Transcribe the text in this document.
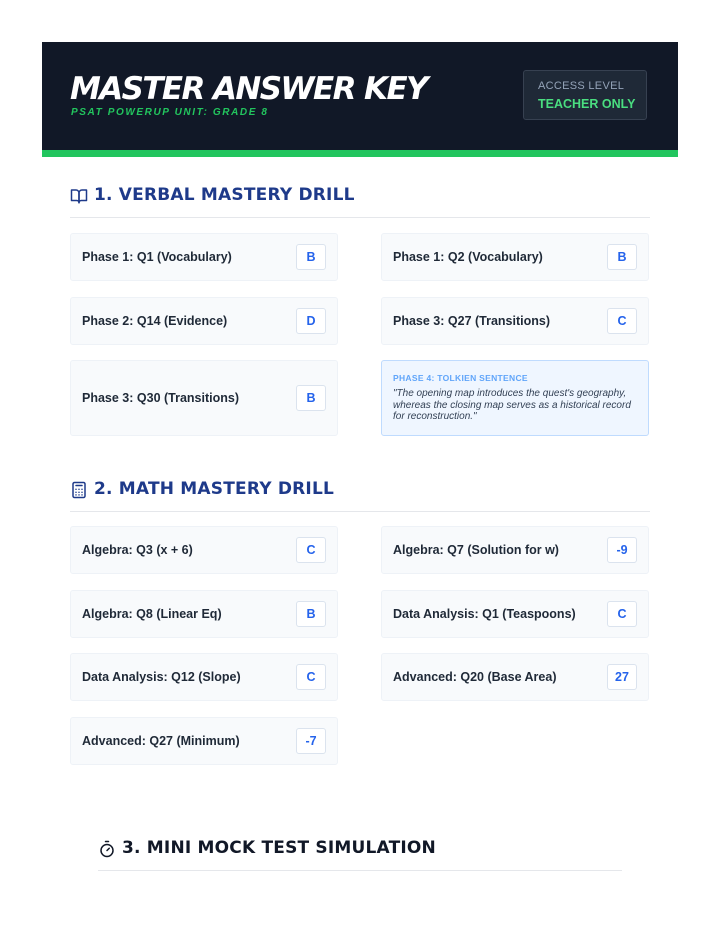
MASTER ANSWER KEY
PSAT POWERUP UNIT: GRADE 8
ACCESS LEVEL
TEACHER ONLY
1. VERBAL MASTERY DRILL
Phase 1: Q1 (Vocabulary)	B	Phase 1: Q2 (Vocabulary)	B
Phase 2: Q14 (Evidence)	D	Phase 3: Q27 (Transitions)	C
Phase 3: Q30 (Transitions)	B
PHASE 4: TOLKIEN SENTENCE
"The opening map introduces the quest's geography, whereas the closing map serves as a historical record for reconstruction."
2. MATH MASTERY DRILL
Algebra: Q3 (x + 6)	C	Algebra: Q7 (Solution for w)	-9
Algebra: Q8 (Linear Eq)	B	Data Analysis: Q1 (Teaspoons)	C
Data Analysis: Q12 (Slope)	C	Advanced: Q20 (Base Area)	27
Advanced: Q27 (Minimum)	-7
3. MINI MOCK TEST SIMULATION
